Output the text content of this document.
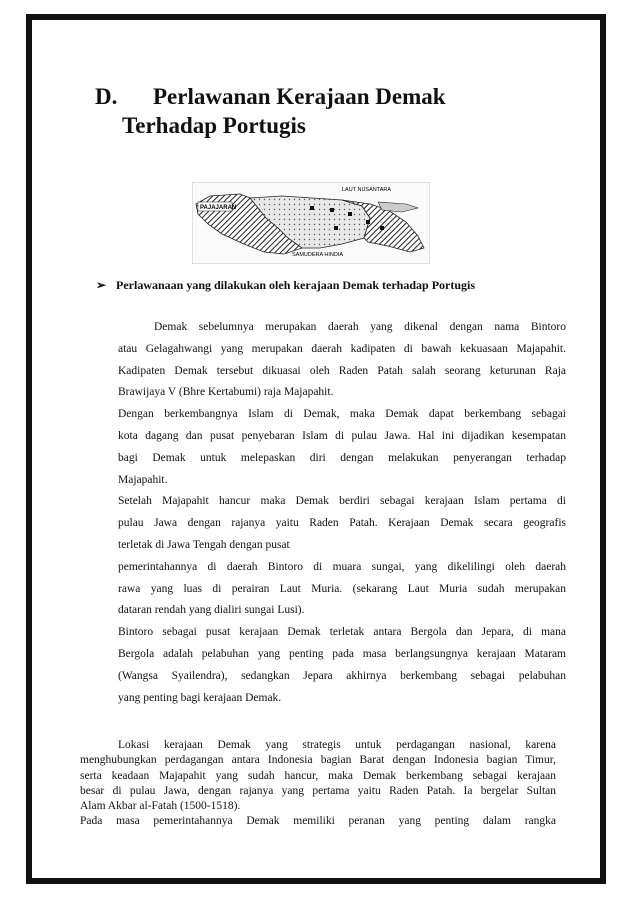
D. Perlawanan Kerajaan Demak
Terhadap Portugis
PAJAJARAN
LAUT NUSANTARA
SAMUDERA HINDIA
➢ Perlawanaan yang dilakukan oleh kerajaan Demak terhadap Portugis
Demak sebelumnya merupakan daerah yang dikenal dengan nama Bintoro
atau Gelagahwangi yang merupakan daerah kadipaten di bawah kekuasaan Majapahit.
Kadipaten Demak tersebut dikuasai oleh Raden Patah salah seorang keturunan Raja
Brawijaya V (Bhre Kertabumi) raja Majapahit.
Dengan berkembangnya Islam di Demak, maka Demak dapat berkembang sebagai
kota dagang dan pusat penyebaran Islam di pulau Jawa. Hal ini dijadikan kesempatan
bagi Demak untuk melepaskan diri dengan melakukan penyerangan terhadap
Majapahit.
Setelah Majapahit hancur maka Demak berdiri sebagai kerajaan Islam pertama di
pulau Jawa dengan rajanya yaitu Raden Patah. Kerajaan Demak secara geografis
terletak di Jawa Tengah dengan pusat
pemerintahannya di daerah Bintoro di muara sungai, yang dikelilingi oleh daerah
rawa yang luas di perairan Laut Muria. (sekarang Laut Muria sudah merupakan
dataran rendah yang dialiri sungai Lusi).
Bintoro sebagai pusat kerajaan Demak terletak antara Bergola dan Jepara, di mana
Bergola adalah pelabuhan yang penting pada masa berlangsungnya kerajaan Mataram
(Wangsa Syailendra), sedangkan Jepara akhirnya berkembang sebagai pelabuhan
yang penting bagi kerajaan Demak.
Lokasi kerajaan Demak yang strategis untuk perdagangan nasional, karena
menghubungkan perdagangan antara Indonesia bagian Barat dengan Indonesia bagian Timur,
serta keadaan Majapahit yang sudah hancur, maka Demak berkembang sebagai kerajaan
besar di pulau Jawa, dengan rajanya yang pertama yaitu Raden Patah. Ia bergelar Sultan
Alam Akbar al-Fatah (1500-1518).
Pada masa pemerintahannya Demak memiliki peranan yang penting dalam rangka
